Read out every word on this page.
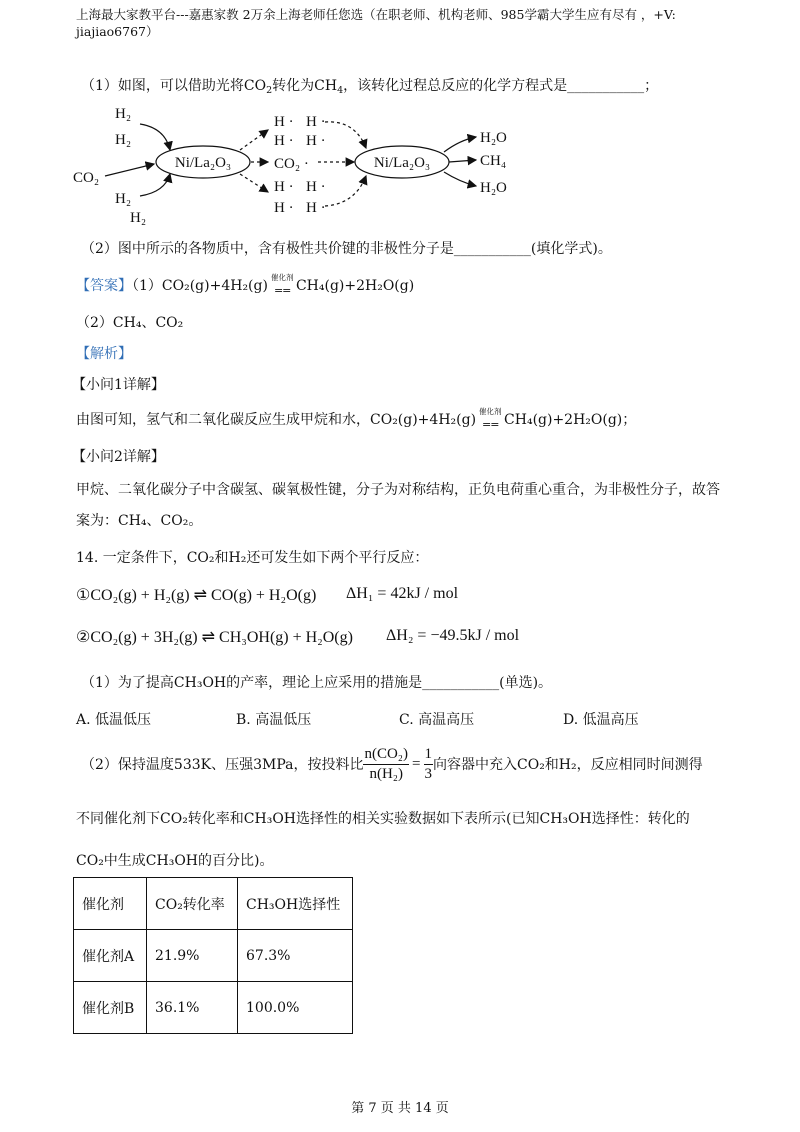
上海最大家教平台---嘉惠家教 2万余上海老师任您选（在职老师、机构老师、985学霸大学生应有尽有 ，+V:
jiajiao6767）
（1）如图，可以借助光将$CO_2$转化为$CH_4$，该转化过程总反应的化学方程式是___________；
H₂
H₂
CO₂
H₂
H₂
Ni/La₂O₃
H · H ·
H · H ·
CO₂ ·
H · H ·
H · H ·
Ni/La₂O₃
H₂O
CH₄
H₂O
（2）图中所示的各物质中，含有极性共价键的非极性分子是___________(填化学式)。
【答案】（1）CO₂(g)+4H₂(g)
催化剂
== CH₄(g)+2H₂O(g)
（2）CH₄、CO₂
【解析】
【小问1详解】
由图可知，氢气和二氧化碳反应生成甲烷和水，CO₂(g)+4H₂(g)
催化剂
== CH₄(g)+2H₂O(g)；
【小问2详解】
甲烷、二氧化碳分子中含碳氢、碳氧极性键，分子为对称结构，正负电荷重心重合，为非极性分子，故答
案为：CH₄、CO₂。
14. 一定条件下，CO₂和H₂还可发生如下两个平行反应：
①CO₂(g) + H₂(g) ⇌ CO(g) + H₂O(g) ΔH₁ = 42kJ / mol
②CO₂(g) + 3H₂(g) ⇌ CH₃OH(g) + H₂O(g) ΔH₂ = −49.5kJ / mol
（1）为了提高CH₃OH的产率，理论上应采用的措施是___________(单选)。
A. 低温低压	B. 高温低压	C. 高温高压	D. 低温高压
（2）保持温度533K、压强3MPa，按投料比 $\frac{\text{n(CO₂)}}{\text{n(H₂)}} = \frac{1}{3}$ 向容器中充入CO₂和H₂，反应相同时间测得
不同催化剂下CO₂转化率和CH₃OH选择性的相关实验数据如下表所示(已知CH₃OH选择性：转化的
CO₂中生成CH₃OH的百分比)。
催化剂	CO₂转化率	CH₃OH选择性
催化剂A	21.9%	67.3%
催化剂B	36.1%	100.0%
第 7 页 共 14 页
